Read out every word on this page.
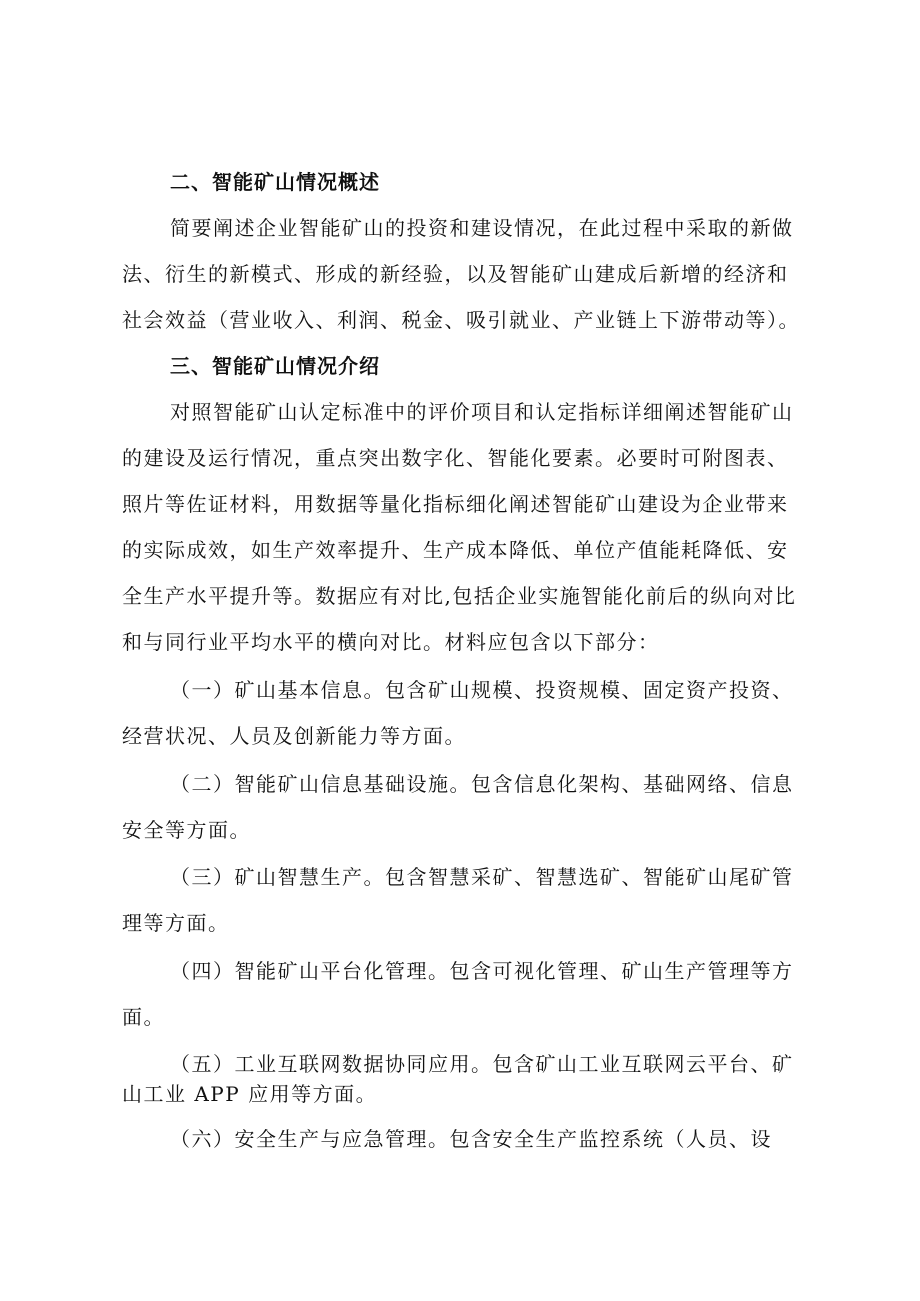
二、智能矿山情况概述
简要阐述企业智能矿山的投资和建设情况，在此过程中采取的新做
法、衍生的新模式、形成的新经验，以及智能矿山建成后新增的经济和
社会效益（营业收入、利润、税金、吸引就业、产业链上下游带动等）。
三、智能矿山情况介绍
对照智能矿山认定标准中的评价项目和认定指标详细阐述智能矿山
的建设及运行情况，重点突出数字化、智能化要素。必要时可附图表、
照片等佐证材料，用数据等量化指标细化阐述智能矿山建设为企业带来
的实际成效，如生产效率提升、生产成本降低、单位产值能耗降低、安
全生产水平提升等。数据应有对比,包括企业实施智能化前后的纵向对比
和与同行业平均水平的横向对比。材料应包含以下部分：
（一）矿山基本信息。包含矿山规模、投资规模、固定资产投资、
经营状况、人员及创新能力等方面。
（二）智能矿山信息基础设施。包含信息化架构、基础网络、信息
安全等方面。
（三）矿山智慧生产。包含智慧采矿、智慧选矿、智能矿山尾矿管
理等方面。
（四）智能矿山平台化管理。包含可视化管理、矿山生产管理等方
面。
（五）工业互联网数据协同应用。包含矿山工业互联网云平台、矿
山工业 APP 应用等方面。
（六）安全生产与应急管理。包含安全生产监控系统（人员、设
